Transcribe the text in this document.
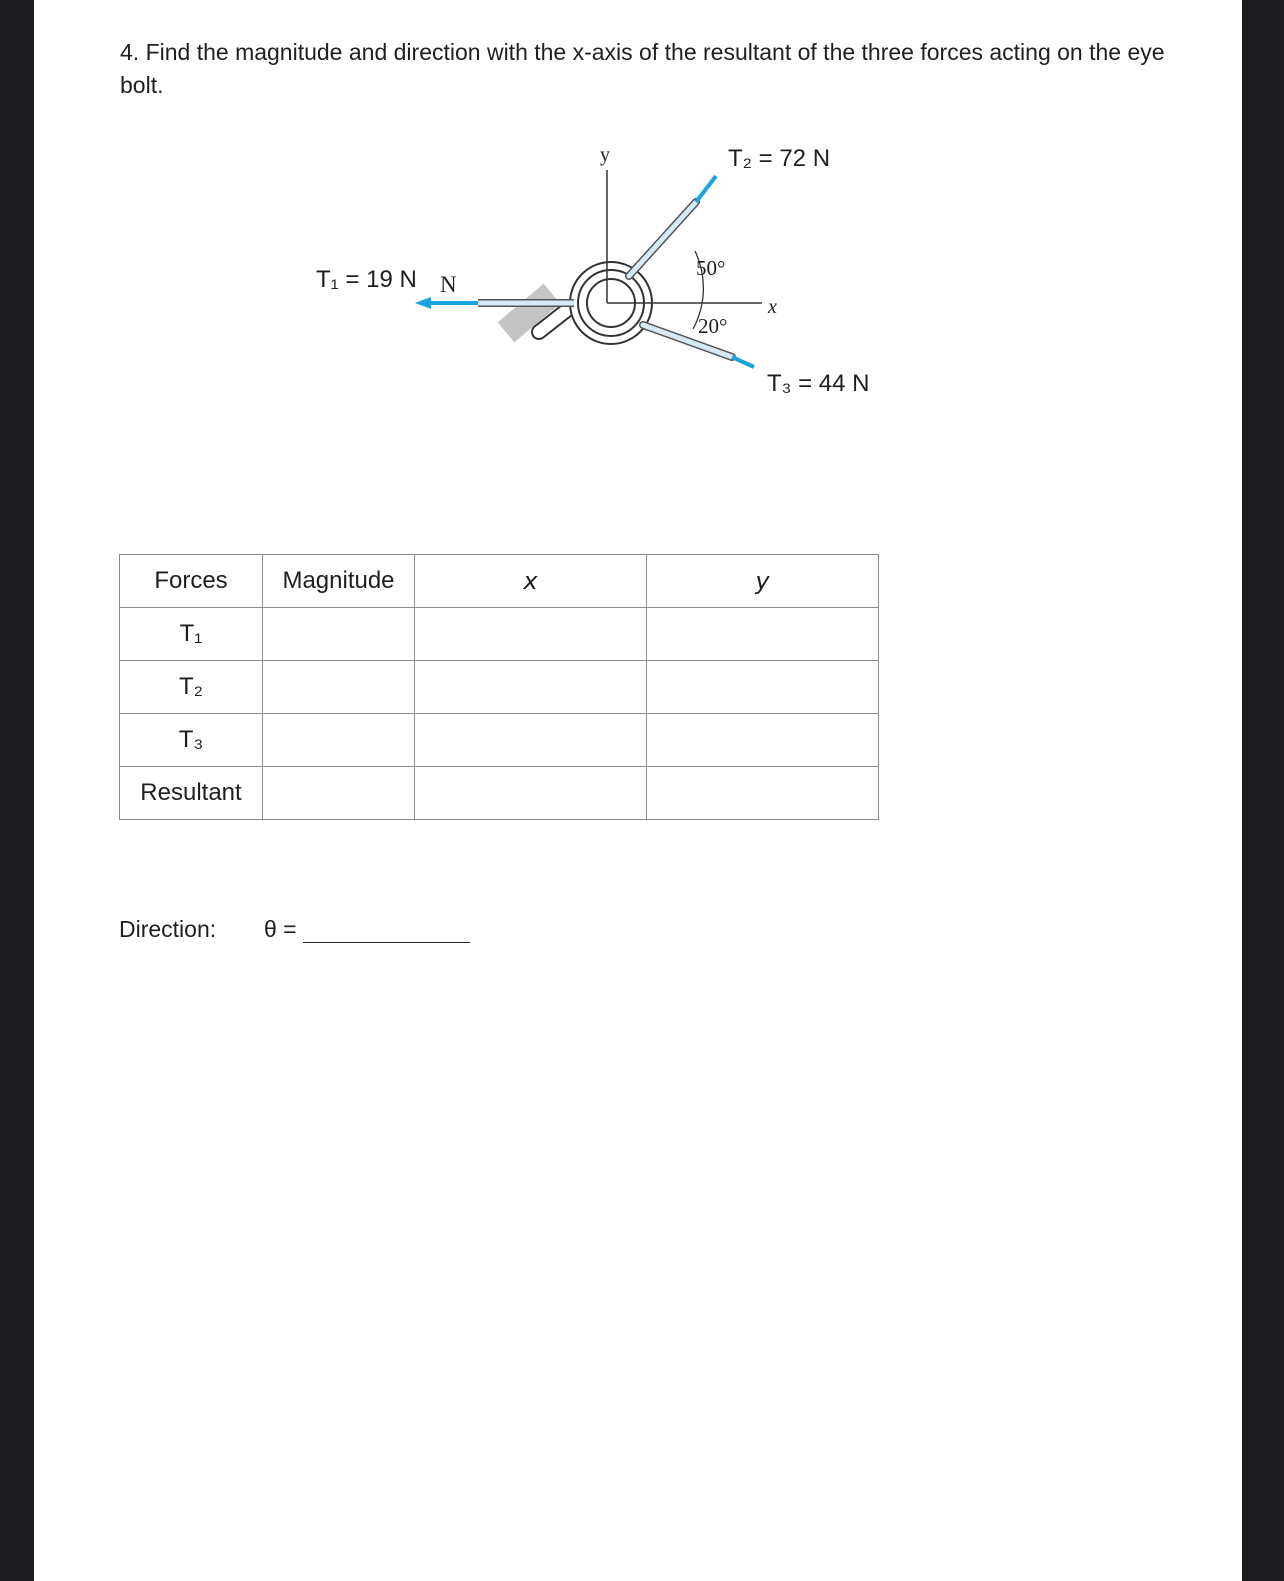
4. Find the magnitude and direction with the x-axis of the resultant of the three forces acting on the eye bolt.

T₁ = 19 N N
T₂ = 72 N
T₃ = 44 N
y
x
50°
20°
Forces	Magnitude	x	y
T₁			
T₂			
T₃			
Resultant			
Direction: θ =
